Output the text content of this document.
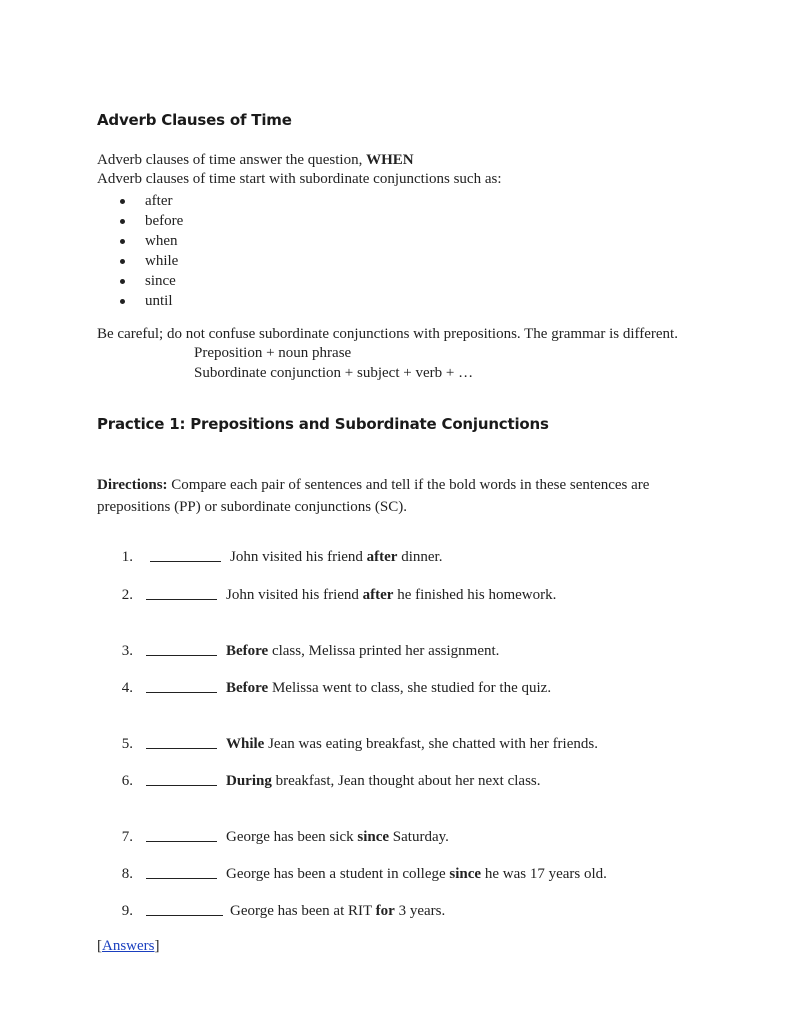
Adverb Clauses of Time
Adverb clauses of time answer the question, WHEN
Adverb clauses of time start with subordinate conjunctions such as:
after
before
when
while
since
until
Be careful; do not confuse subordinate conjunctions with prepositions. The grammar is different.
Preposition + noun phrase
Subordinate conjunction + subject + verb + …
Practice 1: Prepositions and Subordinate Conjunctions
Directions: Compare each pair of sentences and tell if the bold words in these sentences are prepositions (PP) or subordinate conjunctions (SC).
1.	John visited his friend after dinner.
2.	John visited his friend after he finished his homework.
3.	Before class, Melissa printed her assignment.
4.	Before Melissa went to class, she studied for the quiz.
5.	While Jean was eating breakfast, she chatted with her friends.
6.	During breakfast, Jean thought about her next class.
7.	George has been sick since Saturday.
8.	George has been a student in college since he was 17 years old.
9.	George has been at RIT for 3 years.
[Answers]
